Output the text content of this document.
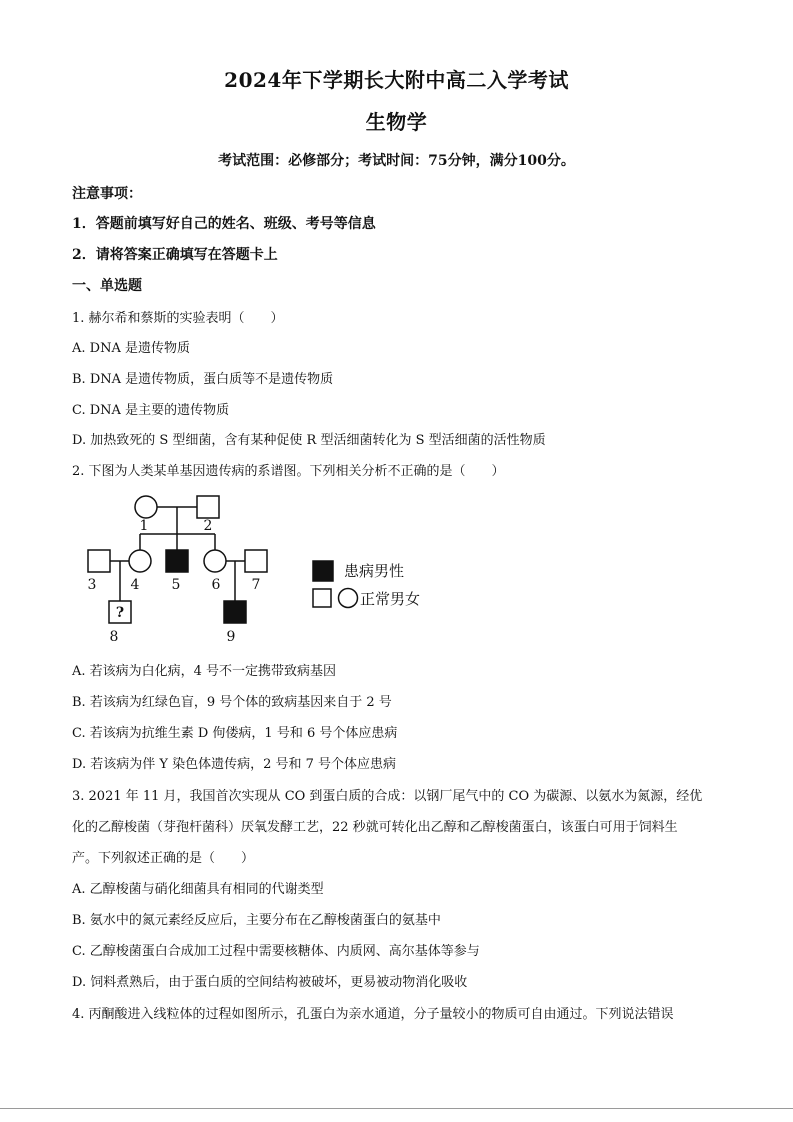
2024年下学期长大附中高二入学考试
生物学
考试范围：必修部分；考试时间：75分钟，满分100分。
注意事项：
1．答题前填写好自己的姓名、班级、考号等信息
2．请将答案正确填写在答题卡上
一、单选题
1. 赫尔希和蔡斯的实验表明（　　）
A. DNA 是遗传物质
B. DNA 是遗传物质，蛋白质等不是遗传物质
C. DNA 是主要的遗传物质
D. 加热致死的 S 型细菌，含有某种促使 R 型活细菌转化为 S 型活细菌的活性物质
2. 下图为人类某单基因遗传病的系谱图。下列相关分析不正确的是（　　）
1	2
3 4 5 6 7
8	9
?
患病男性
正常男女
A. 若该病为白化病，4 号不一定携带致病基因
B. 若该病为红绿色盲，9 号个体的致病基因来自于 2 号
C. 若该病为抗维生素 D 佝偻病，1 号和 6 号个体应患病
D. 若该病为伴 Y 染色体遗传病，2 号和 7 号个体应患病
3. 2021 年 11 月，我国首次实现从 CO 到蛋白质的合成：以钢厂尾气中的 CO 为碳源、以氨水为氮源，经优
化的乙醇梭菌（芽孢杆菌科）厌氧发酵工艺，22 秒就可转化出乙醇和乙醇梭菌蛋白，该蛋白可用于饲料生
产。下列叙述正确的是（　　）
A. 乙醇梭菌与硝化细菌具有相同的代谢类型
B. 氨水中的氮元素经反应后，主要分布在乙醇梭菌蛋白的氨基中
C. 乙醇梭菌蛋白合成加工过程中需要核糖体、内质网、高尔基体等参与
D. 饲料煮熟后，由于蛋白质的空间结构被破坏，更易被动物消化吸收
4. 丙酮酸进入线粒体的过程如图所示，孔蛋白为亲水通道，分子量较小的物质可自由通过。下列说法错误
